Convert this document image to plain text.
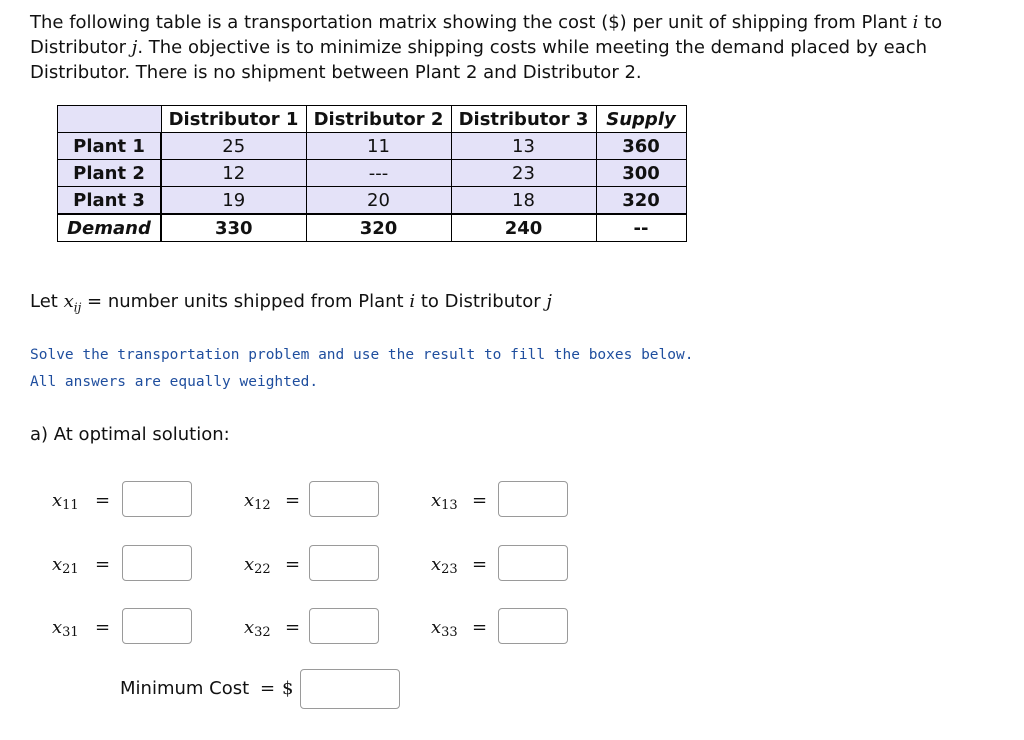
The following table is a transportation matrix showing the cost ($) per unit of shipping from Plant i to Distributor j. The objective is to minimize shipping costs while meeting the demand placed by each Distributor. There is no shipment between Plant 2 and Distributor 2.
	Distributor 1	Distributor 2	Distributor 3	Supply
Plant 1	25	11	13	360
Plant 2	12	---	23	300
Plant 3	19	20	18	320
Demand	330	320	240	--
Let $x_{ij}$ = number units shipped from Plant i to Distributor j
Solve the transportation problem and use the result to fill the boxes below.
All answers are equally weighted.
a) At optimal solution:
$x_{11}$ =	$x_{12}$ =	$x_{13}$ =
$x_{21}$ =	$x_{22}$ =	$x_{23}$ =
$x_{31}$ =	$x_{32}$ =	$x_{33}$ =
Minimum Cost = $
